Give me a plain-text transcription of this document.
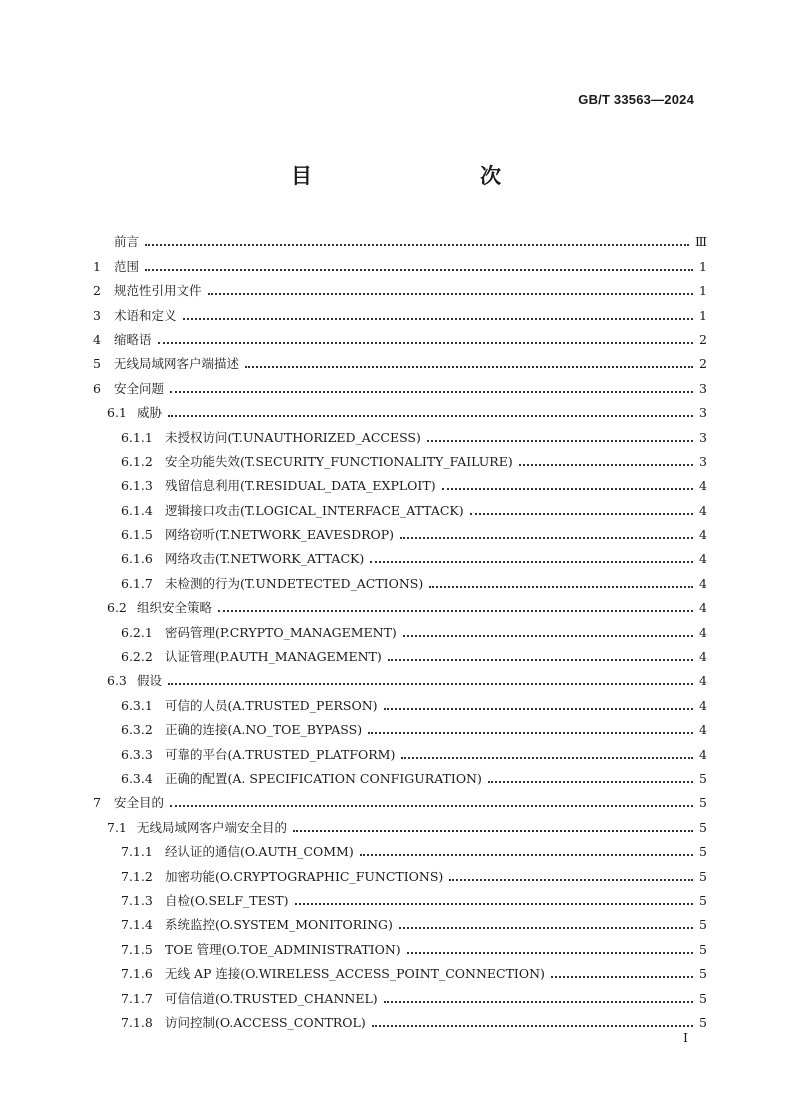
GB/T 33563—2024
目　　次
前言	Ⅲ
1	范围	1
2	规范性引用文件	1
3	术语和定义	1
4	缩略语	2
5	无线局域网客户端描述	2
6	安全问题	3
6.1 威胁	3
6.1.1 未授权访问(T.UNAUTHORIZED_ACCESS)	3
6.1.2 安全功能失效(T.SECURITY_FUNCTIONALITY_FAILURE)	3
6.1.3 残留信息利用(T.RESIDUAL_DATA_EXPLOIT)	4
6.1.4 逻辑接口攻击(T.LOGICAL_INTERFACE_ATTACK)	4
6.1.5 网络窃听(T.NETWORK_EAVESDROP)	4
6.1.6 网络攻击(T.NETWORK_ATTACK)	4
6.1.7 未检测的行为(T.UNDETECTED_ACTIONS)	4
6.2 组织安全策略	4
6.2.1 密码管理(P.CRYPTO_MANAGEMENT)	4
6.2.2 认证管理(P.AUTH_MANAGEMENT)	4
6.3 假设	4
6.3.1 可信的人员(A.TRUSTED_PERSON)	4
6.3.2 正确的连接(A.NO_TOE_BYPASS)	4
6.3.3 可靠的平台(A.TRUSTED_PLATFORM)	4
6.3.4 正确的配置(A. SPECIFICATION CONFIGURATION)	5
7	安全目的	5
7.1 无线局域网客户端安全目的	5
7.1.1 经认证的通信(O.AUTH_COMM)	5
7.1.2 加密功能(O.CRYPTOGRAPHIC_FUNCTIONS)	5
7.1.3 自检(O.SELF_TEST)	5
7.1.4 系统监控(O.SYSTEM_MONITORING)	5
7.1.5 TOE 管理(O.TOE_ADMINISTRATION)	5
7.1.6 无线 AP 连接(O.WIRELESS_ACCESS_POINT_CONNECTION)	5
7.1.7 可信信道(O.TRUSTED_CHANNEL)	5
7.1.8 访问控制(O.ACCESS_CONTROL)	5
I
